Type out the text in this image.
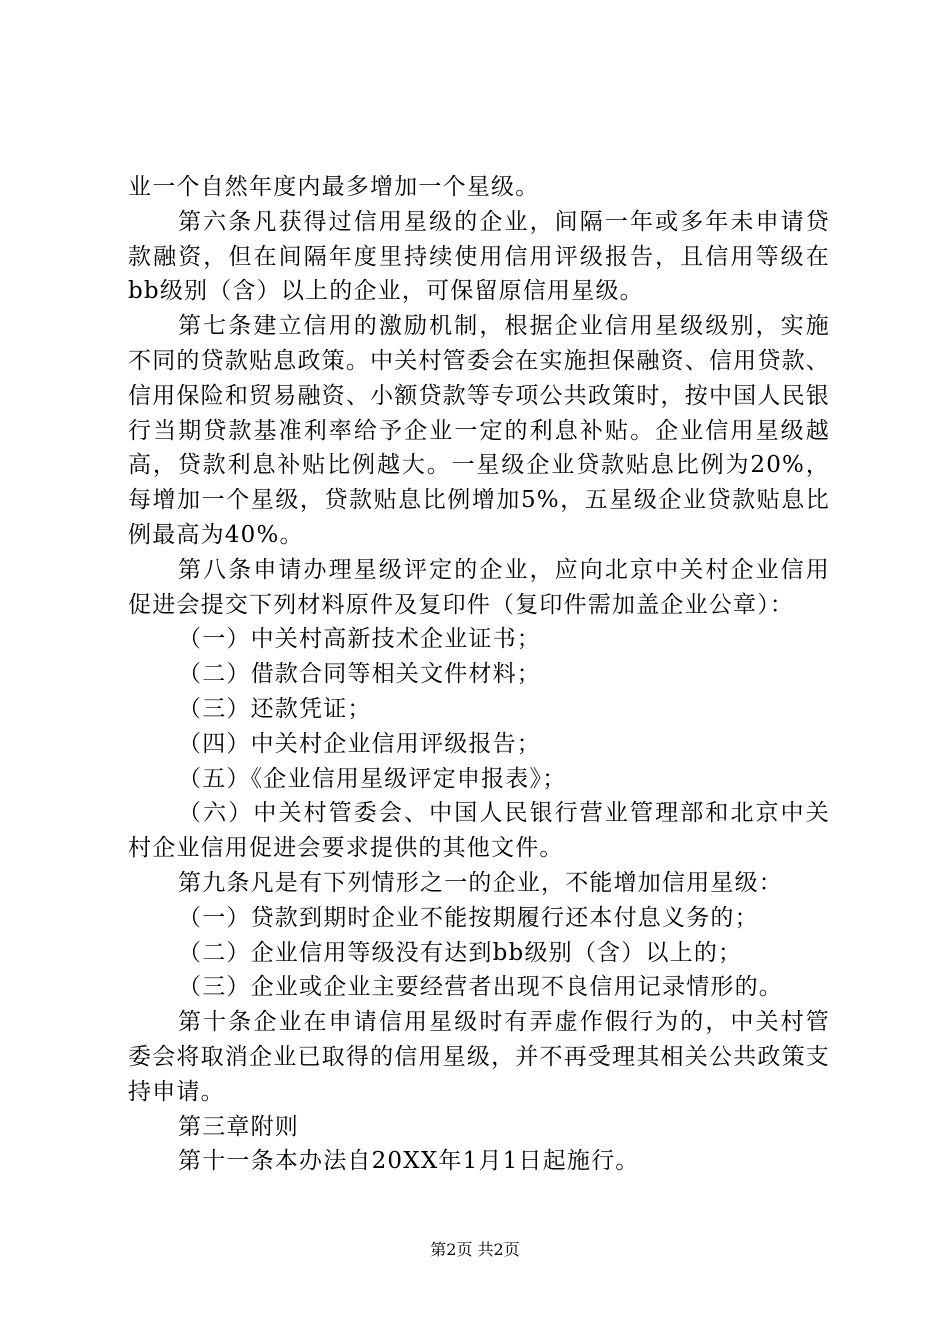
业一个自然年度内最多增加一个星级。

第六条凡获得过信用星级的企业，间隔一年或多年未申请贷款融资，但在间隔年度里持续使用信用评级报告，且信用等级在bb级别（含）以上的企业，可保留原信用星级。

第七条建立信用的激励机制，根据企业信用星级级别，实施不同的贷款贴息政策。中关村管委会在实施担保融资、信用贷款、信用保险和贸易融资、小额贷款等专项公共政策时，按中国人民银行当期贷款基准利率给予企业一定的利息补贴。企业信用星级越高，贷款利息补贴比例越大。一星级企业贷款贴息比例为20%，每增加一个星级，贷款贴息比例增加5%，五星级企业贷款贴息比例最高为40%。

第八条申请办理星级评定的企业，应向北京中关村企业信用促进会提交下列材料原件及复印件（复印件需加盖企业公章）：

（一）中关村高新技术企业证书；

（二）借款合同等相关文件材料；

（三）还款凭证；

（四）中关村企业信用评级报告；

（五）《企业信用星级评定申报表》；

（六）中关村管委会、中国人民银行营业管理部和北京中关村企业信用促进会要求提供的其他文件。

第九条凡是有下列情形之一的企业，不能增加信用星级：

（一）贷款到期时企业不能按期履行还本付息义务的；

（二）企业信用等级没有达到bb级别（含）以上的；

（三）企业或企业主要经营者出现不良信用记录情形的。

第十条企业在申请信用星级时有弄虚作假行为的，中关村管委会将取消企业已取得的信用星级，并不再受理其相关公共政策支持申请。

第三章附则

第十一条本办法自20XX年1月1日起施行。

第2页 共2页
